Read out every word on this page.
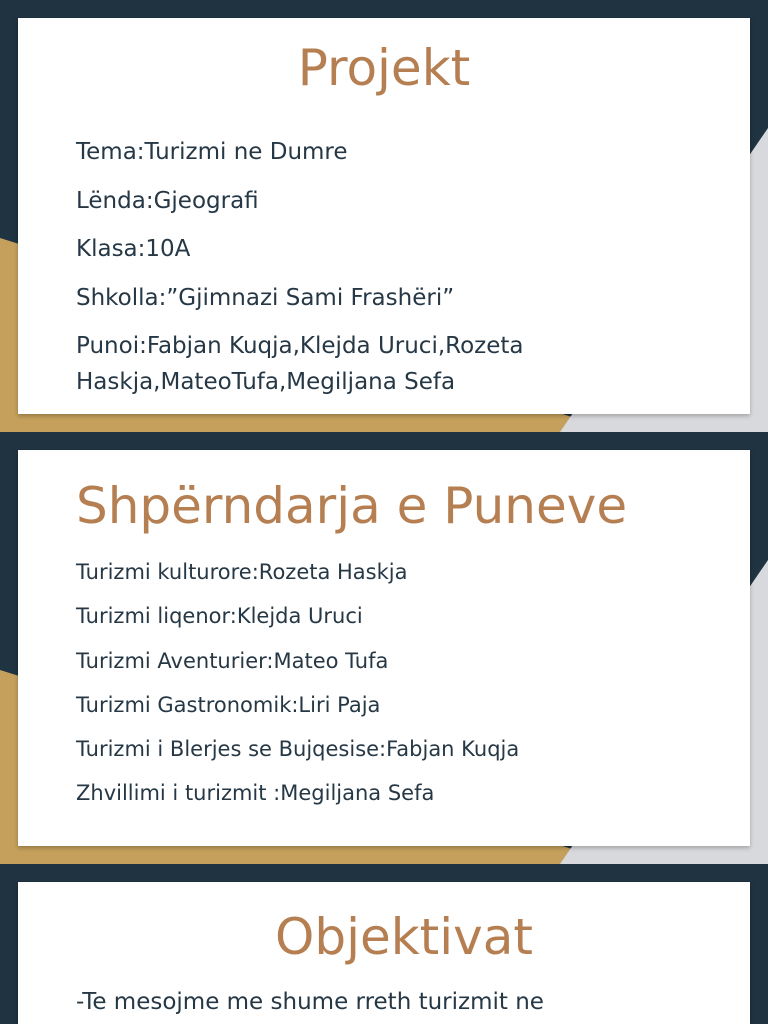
Projekt
Tema:Turizmi ne Dumre
Lënda:Gjeografi
Klasa:10A
Shkolla:”Gjimnazi Sami Frashëri”
Punoi:Fabjan Kuqja,Klejda Uruci,Rozeta Haskja,MateoTufa,Megiljana Sefa
Shpërndarja e Puneve
Turizmi kulturore:Rozeta Haskja
Turizmi liqenor:Klejda Uruci
Turizmi Aventurier:Mateo Tufa
Turizmi Gastronomik:Liri Paja
Turizmi i Blerjes se Bujqesise:Fabjan Kuqja
Zhvillimi i turizmit :Megiljana Sefa
Objektivat
-Te mesojme me shume rreth turizmit ne
